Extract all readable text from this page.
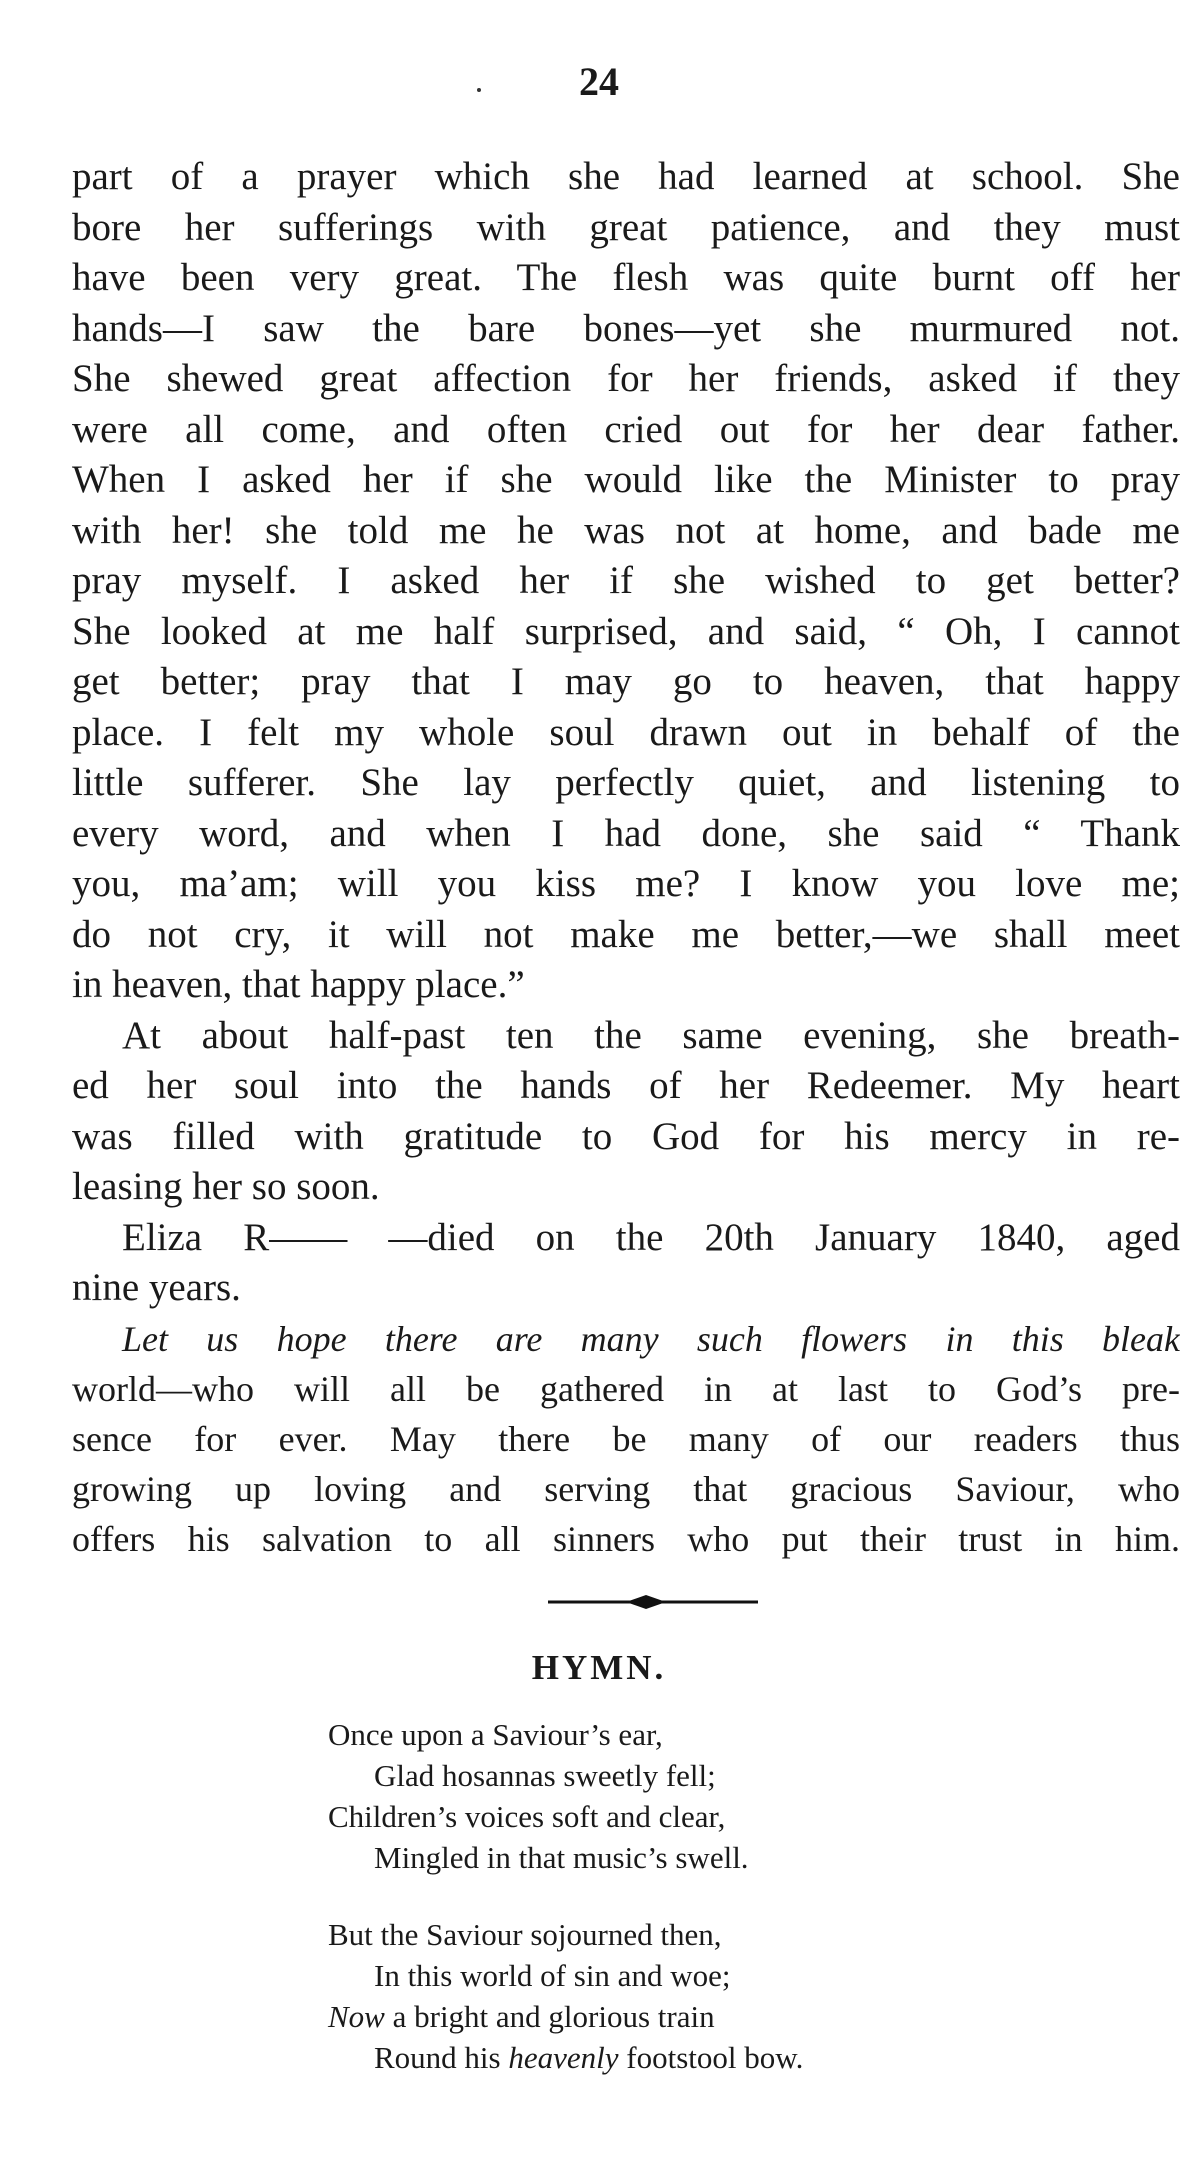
24
part of a prayer which she had learned at school. She
bore her sufferings with great patience, and they must
have been very great. The flesh was quite burnt off her
hands—I saw the bare bones—yet she murmured not.
She shewed great affection for her friends, asked if they
were all come, and often cried out for her dear father.
When I asked her if she would like the Minister to pray
with her! she told me he was not at home, and bade me
pray myself. I asked her if she wished to get better?
She looked at me half surprised, and said, “ Oh, I cannot
get better; pray that I may go to heaven, that happy
place. I felt my whole soul drawn out in behalf of the
little sufferer. She lay perfectly quiet, and listening to
every word, and when I had done, she said “ Thank
you, ma’am; will you kiss me? I know you love me;
do not cry, it will not make me better,—we shall meet
in heaven, that happy place.”
At about half-past ten the same evening, she breath-
ed her soul into the hands of her Redeemer. My heart
was filled with gratitude to God for his mercy in re-
leasing her so soon.
Eliza R—— —died on the 20th January 1840, aged
nine years.
Let us hope there are many such flowers in this bleak
world—who will all be gathered in at last to God’s pre-
sence for ever. May there be many of our readers thus
growing up loving and serving that gracious Saviour, who
offers his salvation to all sinners who put their trust in him.
HYMN.
Once upon a Saviour’s ear,
Glad hosannas sweetly fell;
Children’s voices soft and clear,
Mingled in that music’s swell.
But the Saviour sojourned then,
In this world of sin and woe;
Now a bright and glorious train
Round his heavenly footstool bow.
